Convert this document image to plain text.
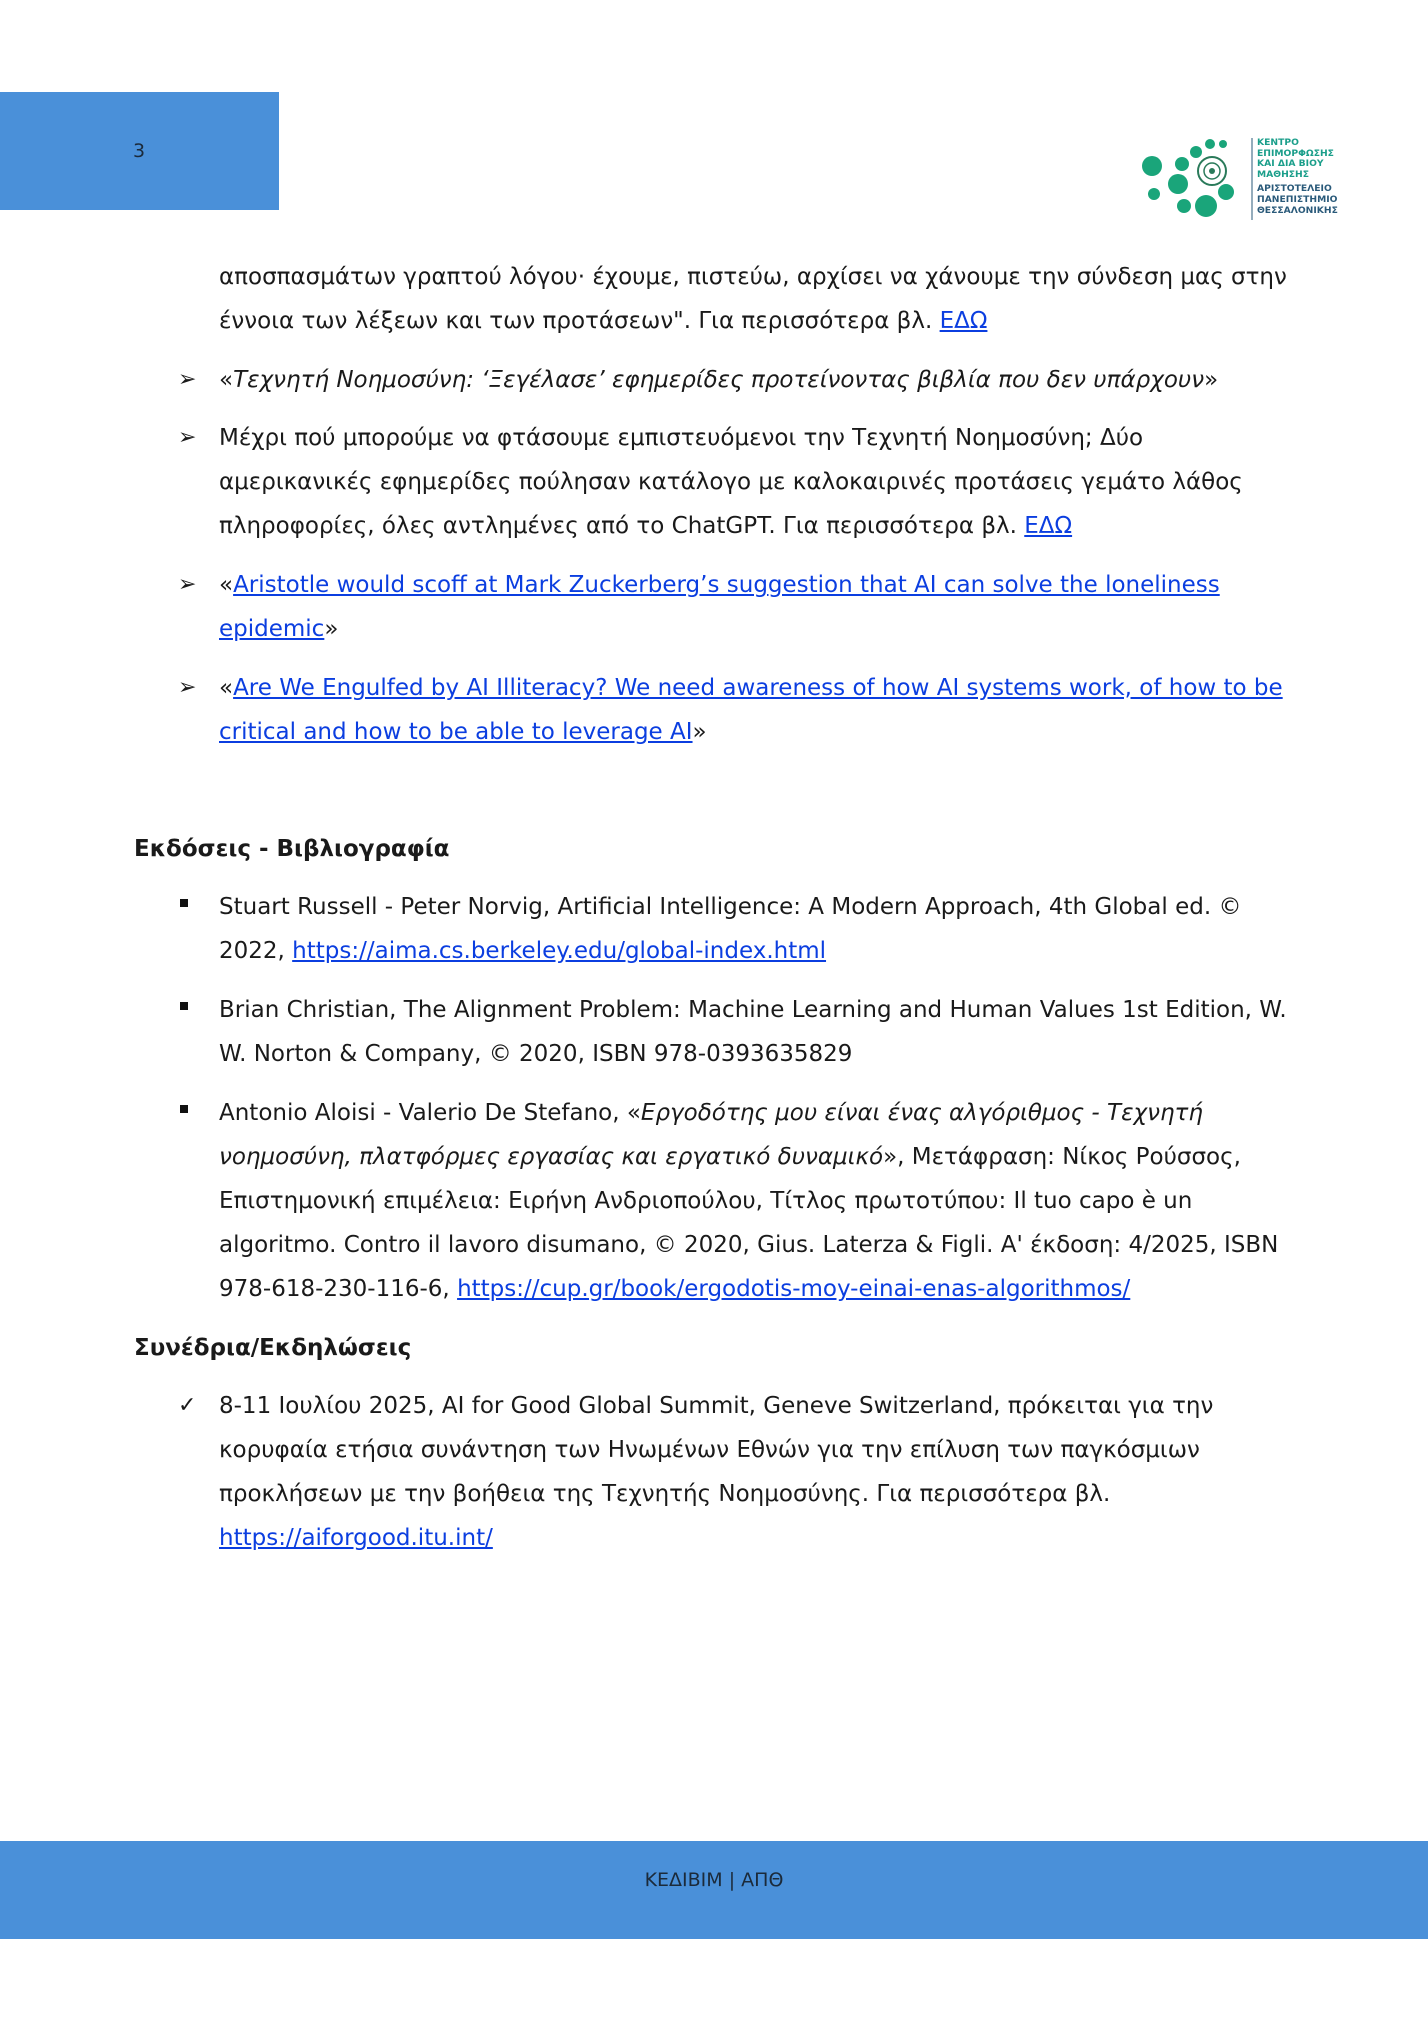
3	ΚΕΝΤΡΟ
ΕΠΙΜΟΡΦΩΣΗΣ
ΚΑΙ ΔΙΑ ΒΙΟΥ
ΜΑΘΗΣΗΣ
ΑΡΙΣΤΟΤΕΛΕΙΟ
ΠΑΝΕΠΙΣΤΗΜΙΟ
ΘΕΣΣΑΛΟΝΙΚΗΣ
αποσπασμάτων γραπτού λόγου· έχουμε, πιστεύω, αρχίσει να χάνουμε την σύνδεση μας στην
έννοια των λέξεων και των προτάσεων". Για περισσότερα βλ. ΕΔΩ
➢ «Τεχνητή Νοημοσύνη: ‘Ξεγέλασε’ εφημερίδες προτείνοντας βιβλία που δεν υπάρχουν»
➢ Μέχρι πού μπορούμε να φτάσουμε εμπιστευόμενοι την Τεχνητή Νοημοσύνη; Δύο
αμερικανικές εφημερίδες πούλησαν κατάλογο με καλοκαιρινές προτάσεις γεμάτο λάθος
πληροφορίες, όλες αντλημένες από το ChatGPT. Για περισσότερα βλ. ΕΔΩ
➢ «Aristotle would scoff at Mark Zuckerberg’s suggestion that AI can solve the loneliness
epidemic»
➢ «Are We Engulfed by AI Illiteracy? We need awareness of how AI systems work, of how to be
critical and how to be able to leverage AI»
Εκδόσεις - Βιβλιογραφία
Stuart Russell - Peter Norvig, Artificial Intelligence: A Modern Approach, 4th Global ed. ©
2022, https://aima.cs.berkeley.edu/global-index.html
Brian Christian, The Alignment Problem: Machine Learning and Human Values 1st Edition, W.
W. Norton & Company, © 2020, ISBN 978-0393635829
Antonio Aloisi - Valerio De Stefano, «Εργοδότης μου είναι ένας αλγόριθμος - Τεχνητή
νοημοσύνη, πλατφόρμες εργασίας και εργατικό δυναμικό», Μετάφραση: Νίκος Ρούσσος,
Επιστημονική επιμέλεια: Ειρήνη Ανδριοπούλου, Τίτλος πρωτοτύπου: Il tuo capo è un
algoritmo. Contro il lavoro disumano, © 2020, Gius. Laterza & Figli. Α' έκδοση: 4/2025, ISBN
978-618-230-116-6, https://cup.gr/book/ergodotis-moy-einai-enas-algorithmos/
Συνέδρια/Εκδηλώσεις
✓ 8-11 Ιουλίου 2025, AI for Good Global Summit, Geneve Switzerland, πρόκειται για την
κορυφαία ετήσια συνάντηση των Ηνωμένων Εθνών για την επίλυση των παγκόσμιων
προκλήσεων με την βοήθεια της Τεχνητής Νοημοσύνης. Για περισσότερα βλ.
https://aiforgood.itu.int/
ΚΕΔΙΒΙΜ | ΑΠΘ
